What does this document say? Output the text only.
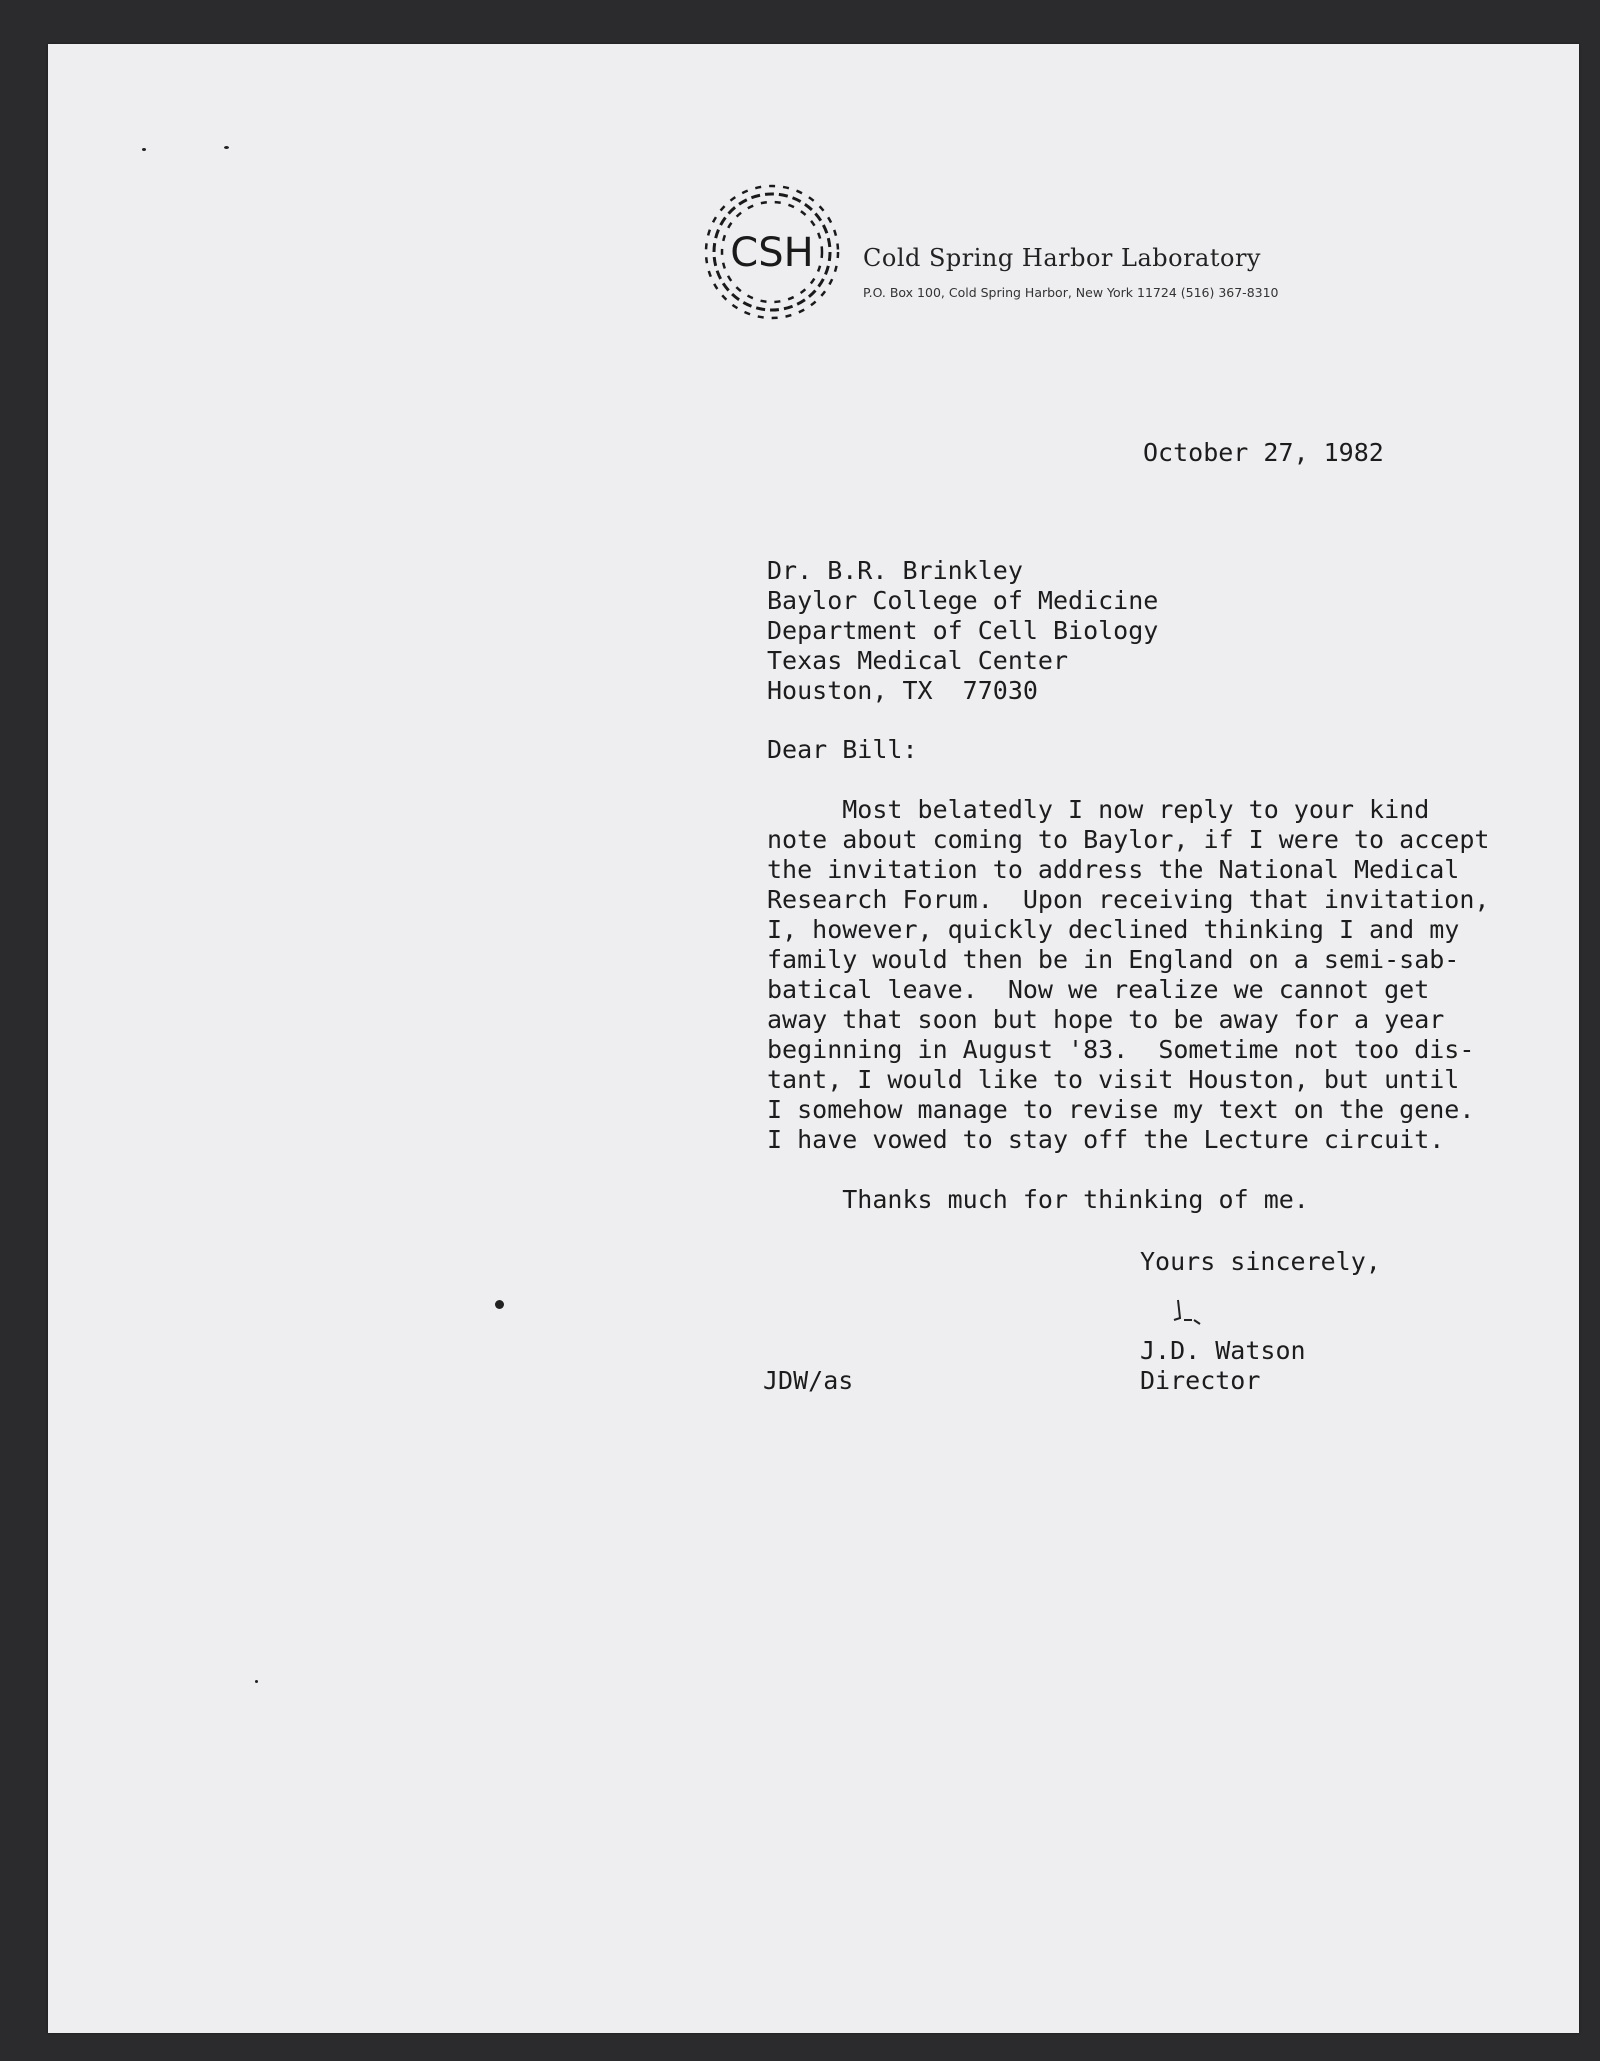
CSH Cold Spring Harbor Laboratory
P.O. Box 100, Cold Spring Harbor, New York 11724 (516) 367-8310
October 27, 1982
Dr. B.R. Brinkley
Baylor College of Medicine
Department of Cell Biology
Texas Medical Center
Houston, TX  77030
Dear Bill:
Most belatedly I now reply to your kind
note about coming to Baylor, if I were to accept
the invitation to address the National Medical
Research Forum.  Upon receiving that invitation,
I, however, quickly declined thinking I and my
family would then be in England on a semi-sab-
batical leave.  Now we realize we cannot get
away that soon but hope to be away for a year
beginning in August '83.  Sometime not too dis-
tant, I would like to visit Houston, but until
I somehow manage to revise my text on the gene.
I have vowed to stay off the Lecture circuit.
Thanks much for thinking of me.
Yours sincerely,
J.D. Watson
Director
JDW/as
